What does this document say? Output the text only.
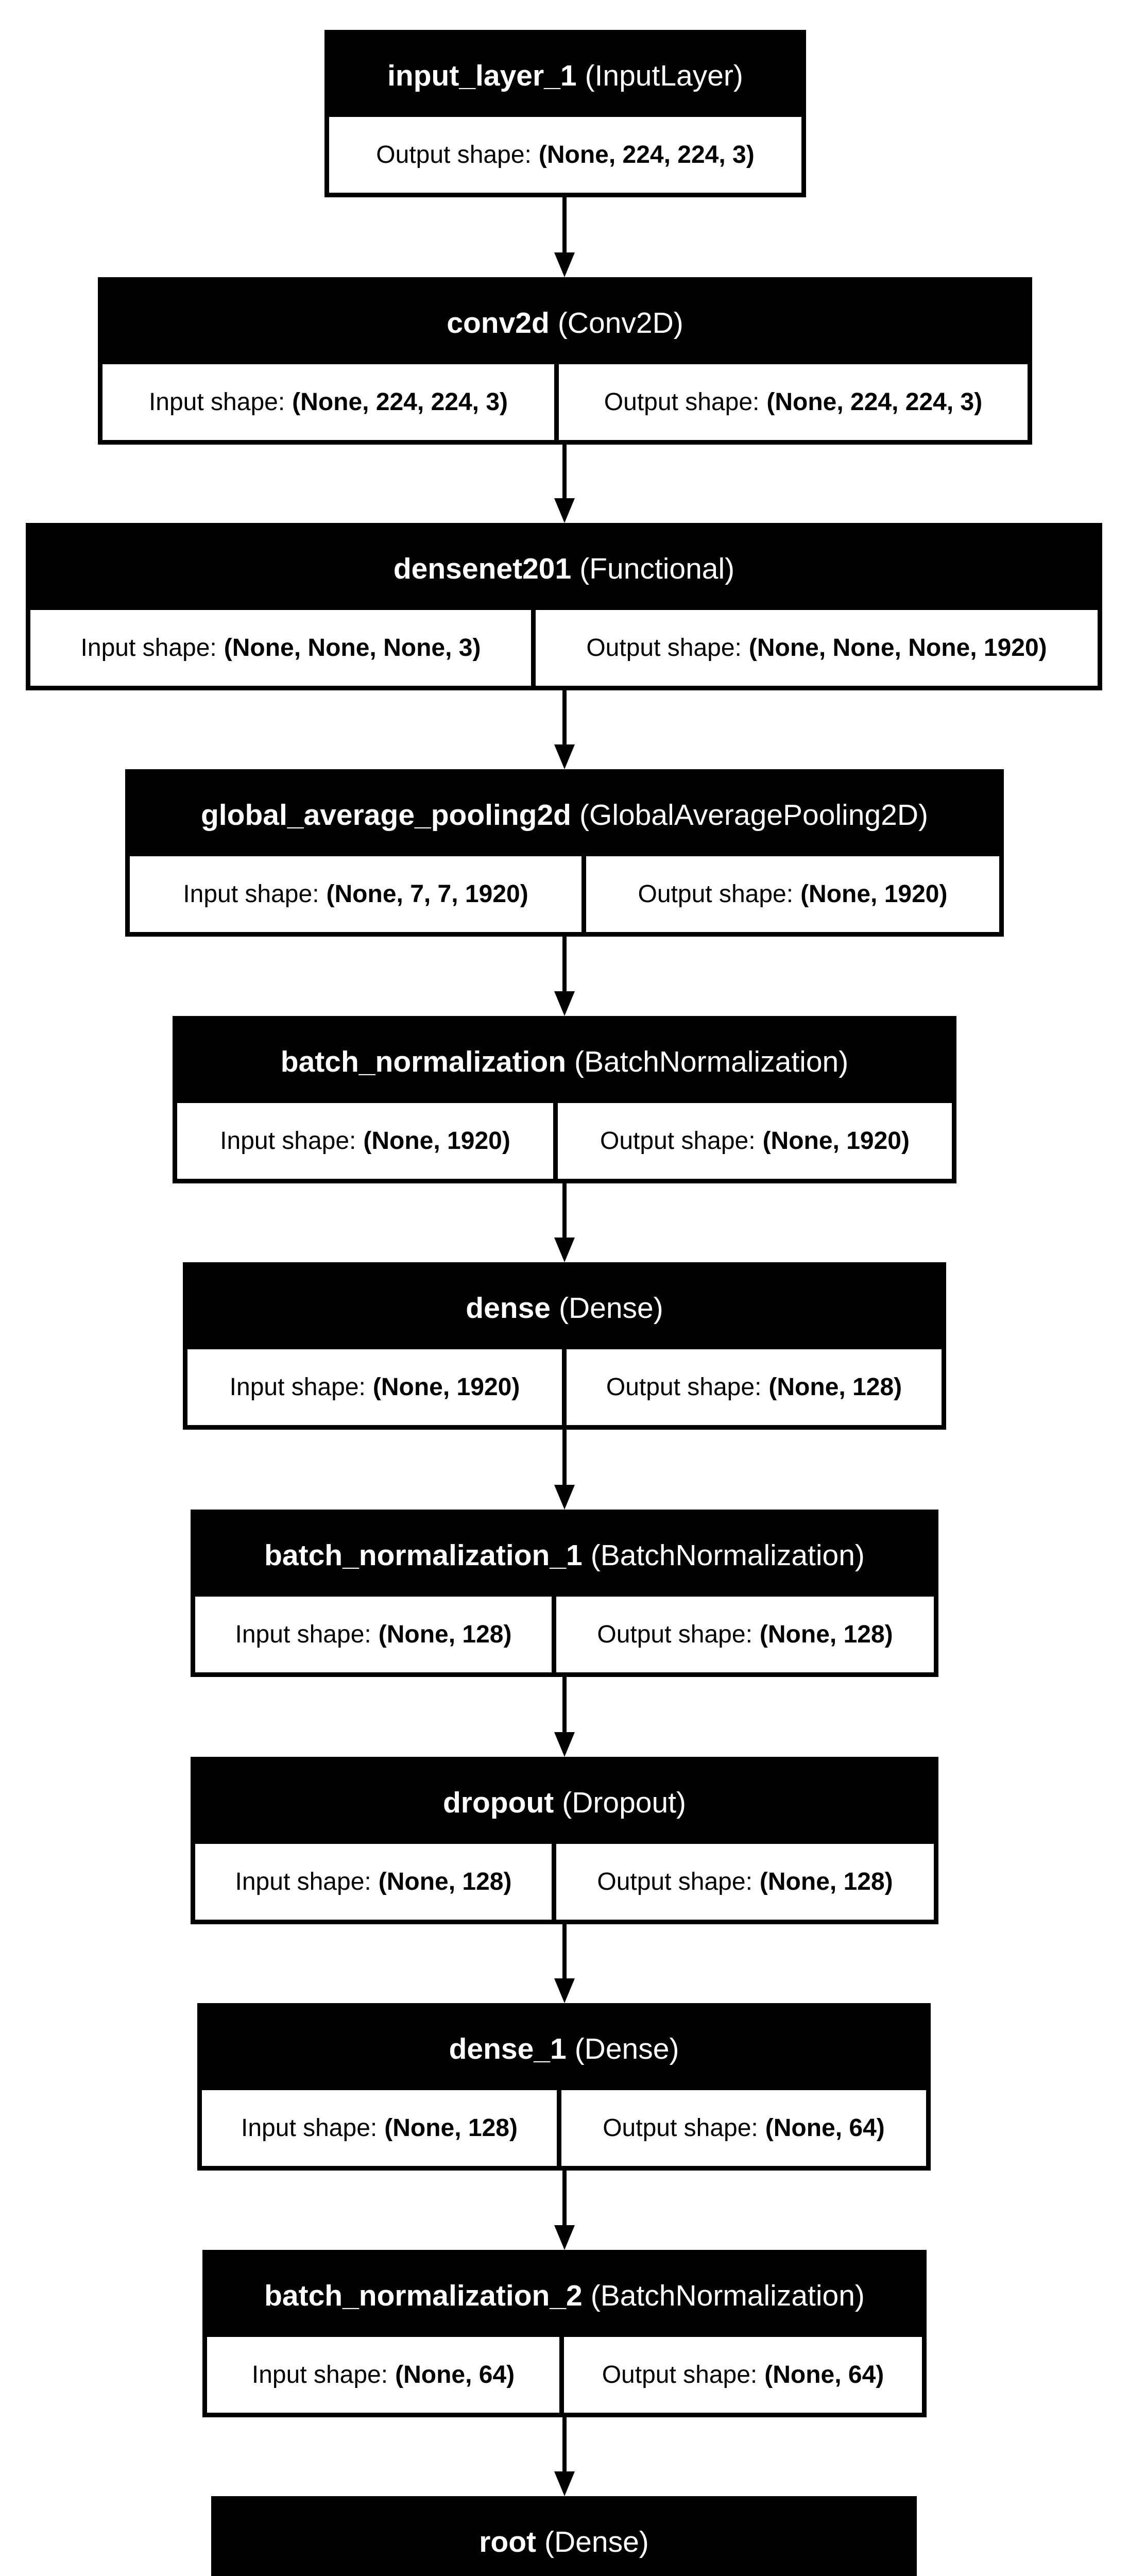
input_layer_1 (InputLayer)
Output shape: (None, 224, 224, 3)
conv2d (Conv2D)
Input shape: (None, 224, 224, 3)	Output shape: (None, 224, 224, 3)
densenet201 (Functional)
Input shape: (None, None, None, 3)	Output shape: (None, None, None, 1920)
global_average_pooling2d (GlobalAveragePooling2D)
Input shape: (None, 7, 7, 1920)	Output shape: (None, 1920)
batch_normalization (BatchNormalization)
Input shape: (None, 1920)	Output shape: (None, 1920)
dense (Dense)
Input shape: (None, 1920)	Output shape: (None, 128)
batch_normalization_1 (BatchNormalization)
Input shape: (None, 128)	Output shape: (None, 128)
dropout (Dropout)
Input shape: (None, 128)	Output shape: (None, 128)
dense_1 (Dense)
Input shape: (None, 128)	Output shape: (None, 64)
batch_normalization_2 (BatchNormalization)
Input shape: (None, 64)	Output shape: (None, 64)
root (Dense)
